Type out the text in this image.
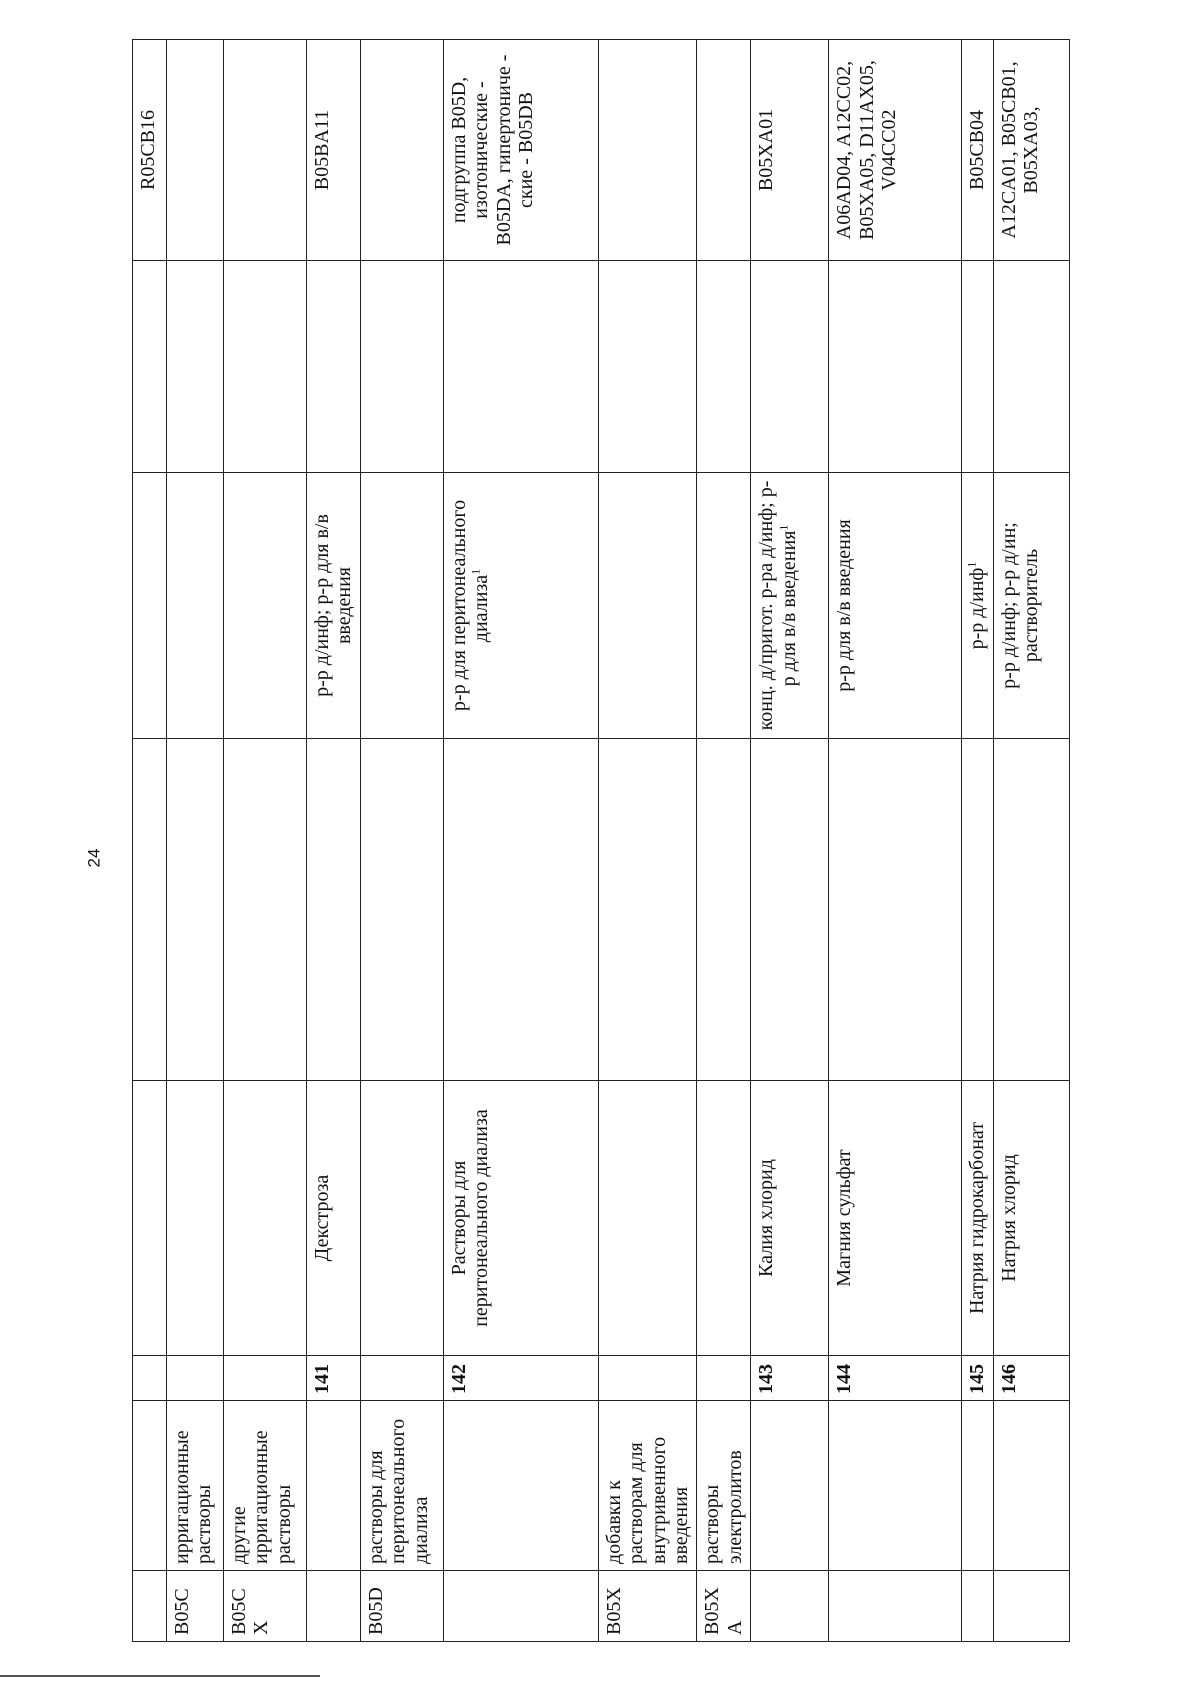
24
							R05CB16
B05C	ирригационные растворы						
B05CX	другие ирригационные растворы						
		141	Декстроза		р-р д/инф; р-р для в/в введения		B05BA11
B05D	растворы для перитонеального диализа						
		142	Растворы для перитонеального диализа		р-р для перитонеального диализа$^1$		подгруппа B05D, изотонические - B05DA, гипертониче - ские - B05DB
B05X	добавки к растворам для внутривенного введения						
B05XA	растворы электролитов						
		143	Калия хлорид		конц. д/пригот. р-ра д/инф; р-р для в/в введения$^1$		B05XA01
		144	Магния сульфат		р-р для в/в введения		A06AD04, A12CC02, B05XA05, D11AX05, V04CC02
		145	Натрия гидрокарбонат		р-р д/инф$^1$		B05CB04
		146	Натрия хлорид		р-р д/инф; р-р д/ин; растворитель		A12CA01, B05CB01, B05XA03,
